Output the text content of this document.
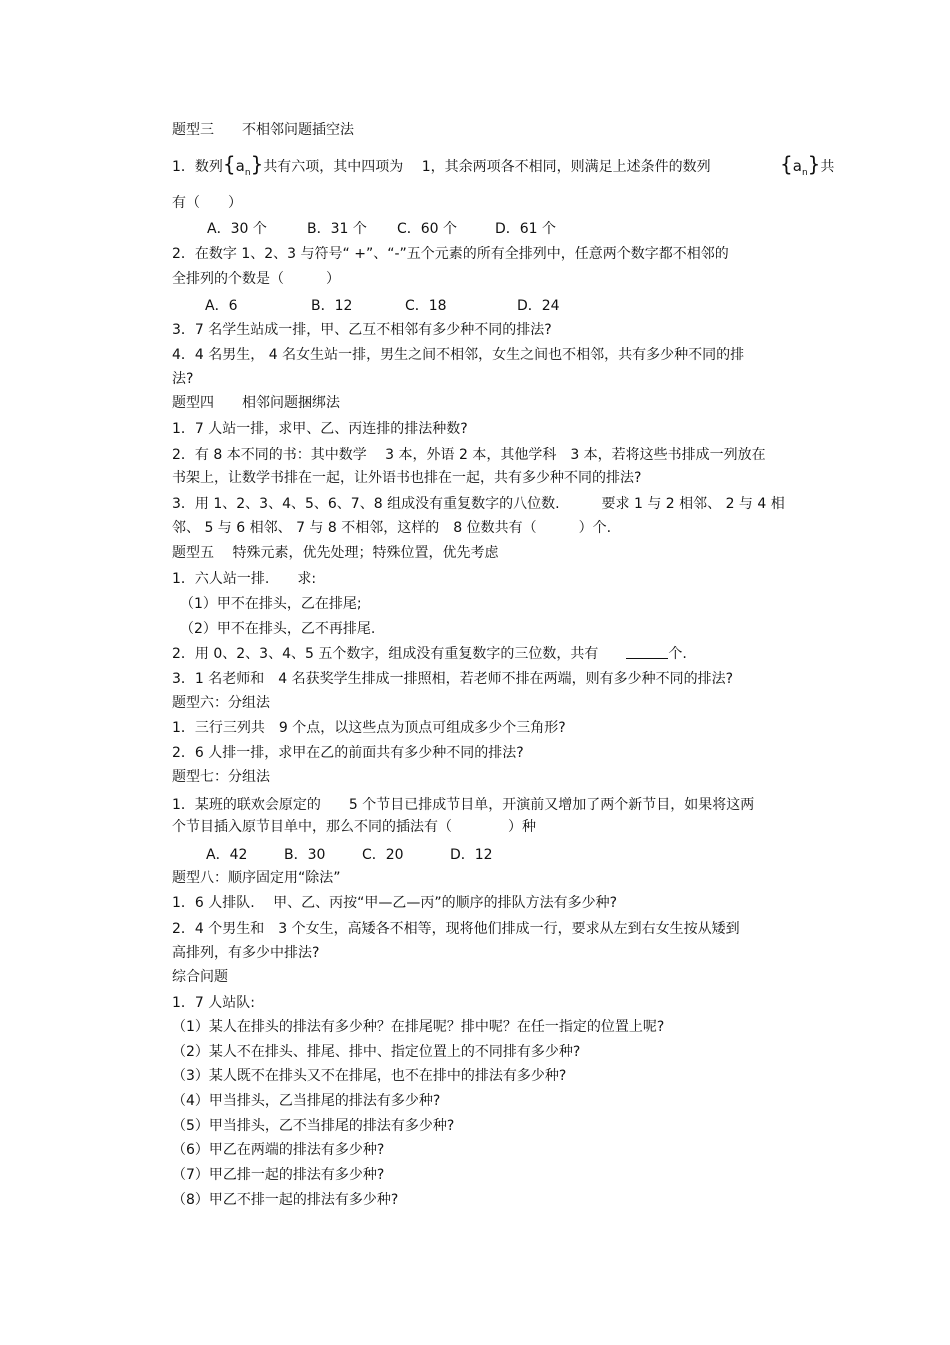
题型三　　不相邻问题插空法
1．数列$\{a_n\}$共有六项，其中四项为　 1，其余两项各不相同，则满足上述条件的数列	$\{a_n\}$共
有（　　）
A．30 个	B．31 个 C．60 个	D．61 个
2．在数字 1、2、3 与符号“ +”、“-”五个元素的所有全排列中，任意两个数字都不相邻的
全排列的个数是（　　　）
A．6	B．12	C．18	D．24
3．7 名学生站成一排，甲、乙互不相邻有多少种不同的排法?
4．4 名男生， 4 名女生站一排，男生之间不相邻，女生之间也不相邻，共有多少种不同的排
法?
题型四　　相邻问题捆绑法
1．7 人站一排，求甲、乙、丙连排的排法种数?
2．有 8 本不同的书：其中数学　 3 本，外语 2 本，其他学科　3 本，若将这些书排成一列放在
书架上，让数学书排在一起，让外语书也排在一起，共有多少种不同的排法?
3．用 1、2、3、4、5、6、7、8 组成没有重复数字的八位数.　　　要求 1 与 2 相邻、 2 与 4 相
邻、 5 与 6 相邻、 7 与 8 不相邻，这样的　8 位数共有（　　　）个.
题型五　 特殊元素，优先处理；特殊位置，优先考虑
1．六人站一排.　　求:
（1）甲不在排头，乙在排尾;
（2）甲不在排头，乙不再排尾.
2．用 0、2、3、4、5 五个数字，组成没有重复数字的三位数，共有　　	个.
3．1 名老师和　4 名获奖学生排成一排照相，若老师不排在两端，则有多少种不同的排法?
题型六：分组法
1．三行三列共　9 个点，以这些点为顶点可组成多少个三角形?
2．6 人排一排，求甲在乙的前面共有多少种不同的排法?
题型七：分组法
1．某班的联欢会原定的　　5 个节目已排成节目单，开演前又增加了两个新节目，如果将这两
个节目插入原节目单中，那么不同的插法有（　　　　）种
A．42	B．30	C．20	D．12
题型八：顺序固定用“除法”
1．6 人排队.　 甲、乙、丙按“甲—乙—丙”的顺序的排队方法有多少种?
2．4 个男生和　3 个女生，高矮各不相等，现将他们排成一行，要求从左到右女生按从矮到
高排列，有多少中排法?
综合问题
1．7 人站队:
（1）某人在排头的排法有多少种？在排尾呢？排中呢？在任一指定的位置上呢?
（2）某人不在排头、排尾、排中、指定位置上的不同排有多少种?
（3）某人既不在排头又不在排尾，也不在排中的排法有多少种?
（4）甲当排头，乙当排尾的排法有多少种?
（5）甲当排头，乙不当排尾的排法有多少种?
（6）甲乙在两端的排法有多少种?
（7）甲乙排一起的排法有多少种?
（8）甲乙不排一起的排法有多少种?
